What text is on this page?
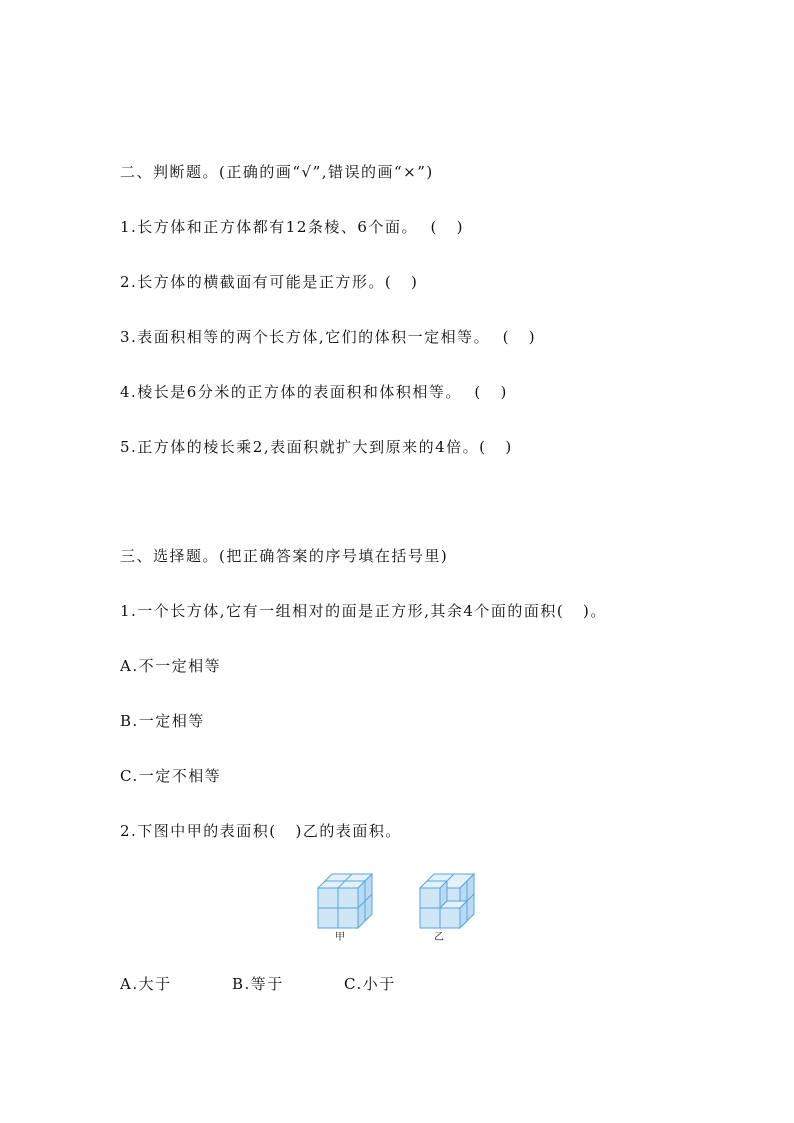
二、判断题。(正确的画“√”,错误的画“×”)

1.长方体和正方体都有12条棱、6个面。  (   )

2.长方体的横截面有可能是正方形。(   )

3.表面积相等的两个长方体,它们的体积一定相等。  (   )

4.棱长是6分米的正方体的表面积和体积相等。  (   )

5.正方体的棱长乘2,表面积就扩大到原来的4倍。(   )

三、选择题。(把正确答案的序号填在括号里)

1.一个长方体,它有一组相对的面是正方形,其余4个面的面积(   )。

A.不一定相等

B.一定相等

C.一定不相等

2.下图中甲的表面积(   )乙的表面积。

甲	乙

A.大于	B.等于	C.小于
